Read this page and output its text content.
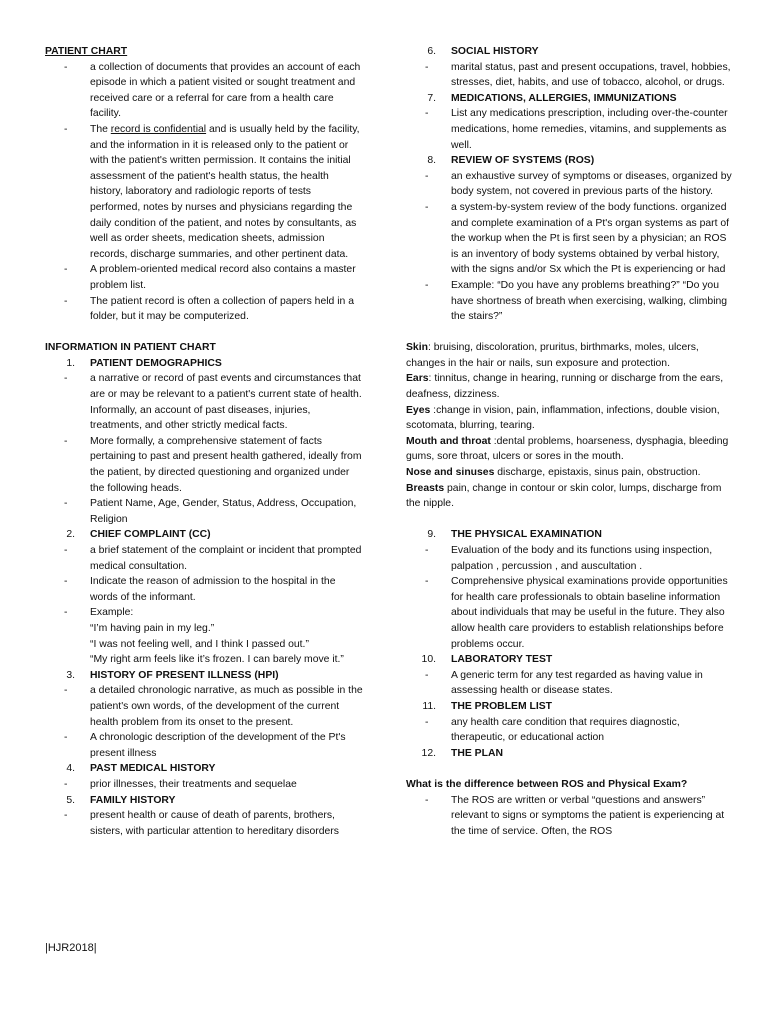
PATIENT CHART
- a collection of documents that provides an account of each episode in which a patient visited or sought treatment and received care or a referral for care from a health care facility.
- The record is confidential and is usually held by the facility, and the information in it is released only to the patient or with the patient's written permission. It contains the initial assessment of the patient's health status, the health history, laboratory and radiologic reports of tests performed, notes by nurses and physicians regarding the daily condition of the patient, and notes by consultants, as well as order sheets, medication sheets, admission records, discharge summaries, and other pertinent data.
- A problem-oriented medical record also contains a master problem list.
- The patient record is often a collection of papers held in a folder, but it may be computerized.
INFORMATION IN PATIENT CHART
1. PATIENT DEMOGRAPHICS
- a narrative or record of past events and circumstances that are or may be relevant to a patient's current state of health. Informally, an account of past diseases, injuries, treatments, and other strictly medical facts.
- More formally, a comprehensive statement of facts pertaining to past and present health gathered, ideally from the patient, by directed questioning and organized under the following heads.
- Patient Name, Age, Gender, Status, Address, Occupation, Religion
2. CHIEF COMPLAINT (CC)
- a brief statement of the complaint or incident that prompted medical consultation.
- Indicate the reason of admission to the hospital in the words of the informant.
- Example:
“I’m having pain in my leg.”
“I was not feeling well, and I think I passed out.”
“My right arm feels like it’s frozen. I can barely move it.”
3. HISTORY OF PRESENT ILLNESS (HPI)
- a detailed chronologic narrative, as much as possible in the patient's own words, of the development of the current health problem from its onset to the present.
- A chronologic description of the development of the Pt's present illness
4. PAST MEDICAL HISTORY
- prior illnesses, their treatments and sequelae
5. FAMILY HISTORY
- present health or cause of death of parents, brothers, sisters, with particular attention to hereditary disorders
6. SOCIAL HISTORY
- marital status, past and present occupations, travel, hobbies, stresses, diet, habits, and use of tobacco, alcohol, or drugs.
7. MEDICATIONS, ALLERGIES, IMMUNIZATIONS
- List any medications prescription, including over-the-counter medications, home remedies, vitamins, and supplements as well.
8. REVIEW OF SYSTEMS (ROS)
- an exhaustive survey of symptoms or diseases, organized by body system, not covered in previous parts of the history.
- a system-by-system review of the body functions. organized and complete examination of a Pt's organ systems as part of the workup when the Pt is first seen by a physician; an ROS is an inventory of body systems obtained by verbal history, with the signs and/or Sx which the Pt is experiencing or had
- Example: “Do you have any problems breathing?” “Do you have shortness of breath when exercising, walking, climbing the stairs?”
Skin: bruising, discoloration, pruritus, birthmarks, moles, ulcers, changes in the hair or nails, sun exposure and protection.
Ears: tinnitus, change in hearing, running or discharge from the ears, deafness, dizziness.
Eyes :change in vision, pain, inflammation, infections, double vision, scotomata, blurring, tearing.
Mouth and throat :dental problems, hoarseness, dysphagia, bleeding gums, sore throat, ulcers or sores in the mouth.
Nose and sinuses discharge, epistaxis, sinus pain, obstruction.
Breasts pain, change in contour or skin color, lumps, discharge from the nipple.
9. THE PHYSICAL EXAMINATION
- Evaluation of the body and its functions using inspection, palpation , percussion , and auscultation .
- Comprehensive physical examinations provide opportunities for health care professionals to obtain baseline information about individuals that may be useful in the future. They also allow health care providers to establish relationships before problems occur.
10. LABORATORY TEST
- A generic term for any test regarded as having value in assessing health or disease states.
11. THE PROBLEM LIST
- any health care condition that requires diagnostic, therapeutic, or educational action
12. THE PLAN
What is the difference between ROS and Physical Exam?
- The ROS are written or verbal “questions and answers” relevant to signs or symptoms the patient is experiencing at the time of service. Often, the ROS
|HJR2018|
